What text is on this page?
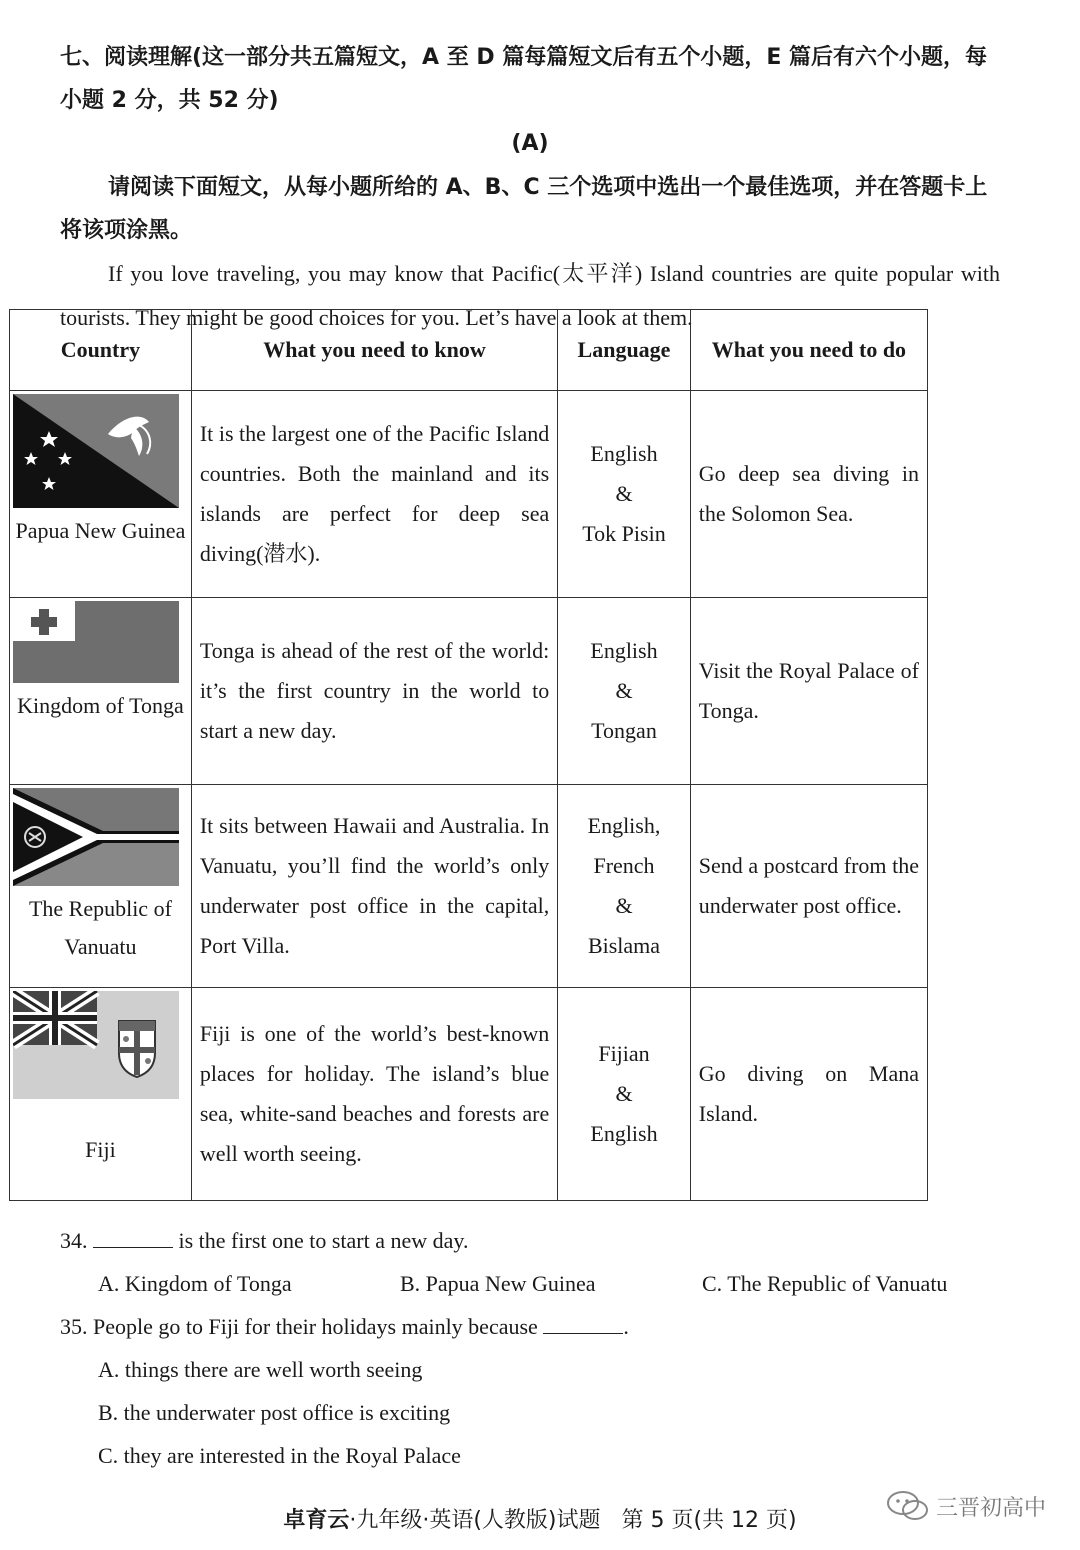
七、阅读理解(这一部分共五篇短文，A 至 D 篇每篇短文后有五个小题，E 篇后有六个小题，每小题 2 分，共 52 分)

(A)

请阅读下面短文，从每小题所给的 A、B、C 三个选项中选出一个最佳选项，并在答题卡上将该项涂黑。

If you love traveling, you may know that Pacific(太平洋) Island countries are quite popular with tourists. They might be good choices for you. Let’s have a look at them.

Country	What you need to know	Language	What you need to do

Papua New Guinea	It is the largest one of the Pacific Island countries. Both the mainland and its islands are perfect for deep sea diving(潜水).	English
&
Tok Pisin	Go deep sea diving in the Solomon Sea.

Kingdom of Tonga	Tonga is ahead of the rest of the world: it’s the first country in the world to start a new day.	English
&
Tongan	Visit the Royal Palace of Tonga.

The Republic of Vanuatu	It sits between Hawaii and Australia. In Vanuatu, you’ll find the world’s only underwater post office in the capital, Port Villa.	English,
French
&
Bislama	Send a postcard from the underwater post office.

Fiji	Fiji is one of the world’s best-known places for holiday. The island’s blue sea, white-sand beaches and forests are well worth seeing.	Fijian
&
English	Go diving on Mana Island.

34.	is the first one to start a new day.

A. Kingdom of Tonga	B. Papua New Guinea	C. The Republic of Vanuatu

35. People go to Fiji for their holidays mainly because	.

A. things there are well worth seeing

B. the underwater post office is exciting

C. they are interested in the Royal Palace

卓育云·九年级·英语(人教版)试题 第 5 页(共 12 页)	三晋初高中
